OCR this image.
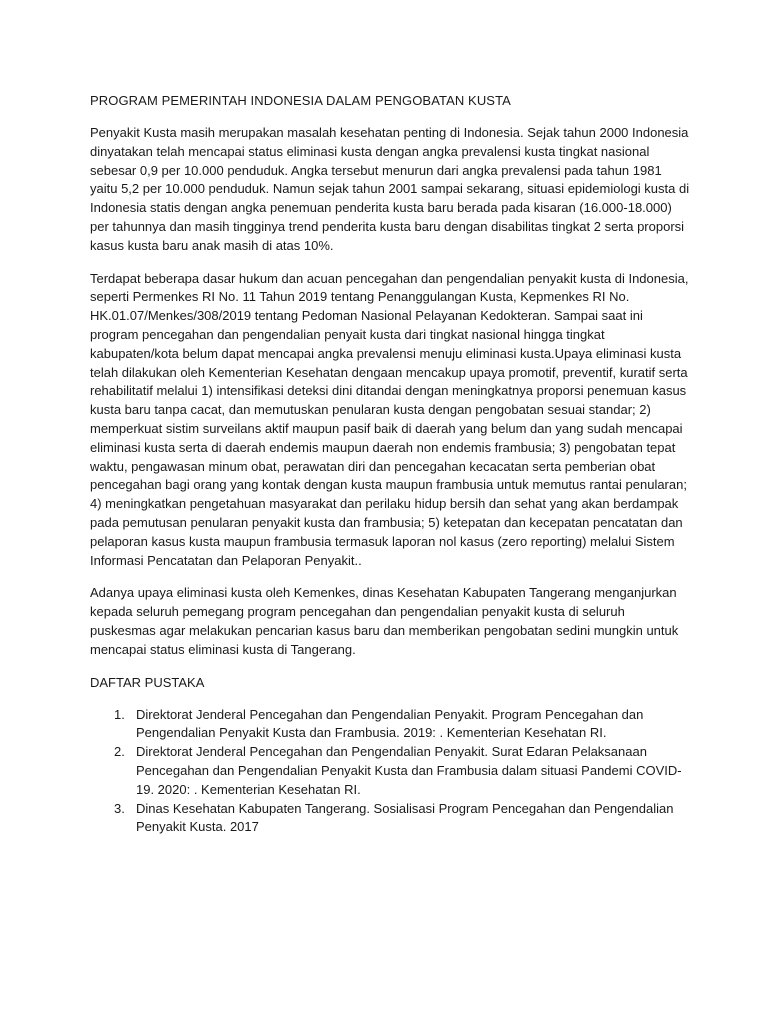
PROGRAM PEMERINTAH INDONESIA DALAM PENGOBATAN KUSTA

Penyakit Kusta masih merupakan masalah kesehatan penting di Indonesia. Sejak tahun 2000 Indonesia dinyatakan telah mencapai status eliminasi kusta dengan angka prevalensi kusta tingkat nasional sebesar 0,9 per 10.000 penduduk. Angka tersebut menurun dari angka prevalensi pada tahun 1981 yaitu 5,2 per 10.000 penduduk. Namun sejak tahun 2001 sampai sekarang, situasi epidemiologi kusta di Indonesia statis dengan angka penemuan penderita kusta baru berada pada kisaran (16.000-18.000) per tahunnya dan masih tingginya trend penderita kusta baru dengan disabilitas tingkat 2 serta proporsi kasus kusta baru anak masih di atas 10%.

Terdapat beberapa dasar hukum dan acuan pencegahan dan pengendalian penyakit kusta di Indonesia, seperti Permenkes RI No. 11 Tahun 2019 tentang Penanggulangan Kusta, Kepmenkes RI No. HK.01.07/Menkes/308/2019 tentang Pedoman Nasional Pelayanan Kedokteran. Sampai saat ini program pencegahan dan pengendalian penyait kusta dari tingkat nasional hingga tingkat kabupaten/kota belum dapat mencapai angka prevalensi menuju eliminasi kusta.Upaya eliminasi kusta telah dilakukan oleh Kementerian Kesehatan dengaan mencakup upaya promotif, preventif, kuratif serta rehabilitatif melalui 1) intensifikasi deteksi dini ditandai dengan meningkatnya proporsi penemuan kasus kusta baru tanpa cacat, dan memutuskan penularan kusta dengan pengobatan sesuai standar; 2) memperkuat sistim surveilans aktif maupun pasif baik di daerah yang belum dan yang sudah mencapai eliminasi kusta serta di daerah endemis maupun daerah non endemis frambusia; 3) pengobatan tepat waktu, pengawasan minum obat, perawatan diri dan pencegahan kecacatan serta pemberian obat pencegahan bagi orang yang kontak dengan kusta maupun frambusia untuk memutus rantai penularan; 4) meningkatkan pengetahuan masyarakat dan perilaku hidup bersih dan sehat yang akan berdampak pada pemutusan penularan penyakit kusta dan frambusia; 5) ketepatan dan kecepatan pencatatan dan pelaporan kasus kusta maupun frambusia termasuk laporan nol kasus (zero reporting) melalui Sistem Informasi Pencatatan dan Pelaporan Penyakit..

Adanya upaya eliminasi kusta oleh Kemenkes, dinas Kesehatan Kabupaten Tangerang menganjurkan kepada seluruh pemegang program pencegahan dan pengendalian penyakit kusta di seluruh puskesmas agar melakukan pencarian kasus baru dan memberikan pengobatan sedini mungkin untuk mencapai status eliminasi kusta di Tangerang.

DAFTAR PUSTAKA
1. Direktorat Jenderal Pencegahan dan Pengendalian Penyakit. Program Pencegahan dan Pengendalian Penyakit Kusta dan Frambusia. 2019: . Kementerian Kesehatan RI.
2. Direktorat Jenderal Pencegahan dan Pengendalian Penyakit. Surat Edaran Pelaksanaan Pencegahan dan Pengendalian Penyakit Kusta dan Frambusia dalam situasi Pandemi COVID-19. 2020: . Kementerian Kesehatan RI.
3. Dinas Kesehatan Kabupaten Tangerang. Sosialisasi Program Pencegahan dan Pengendalian Penyakit Kusta. 2017
